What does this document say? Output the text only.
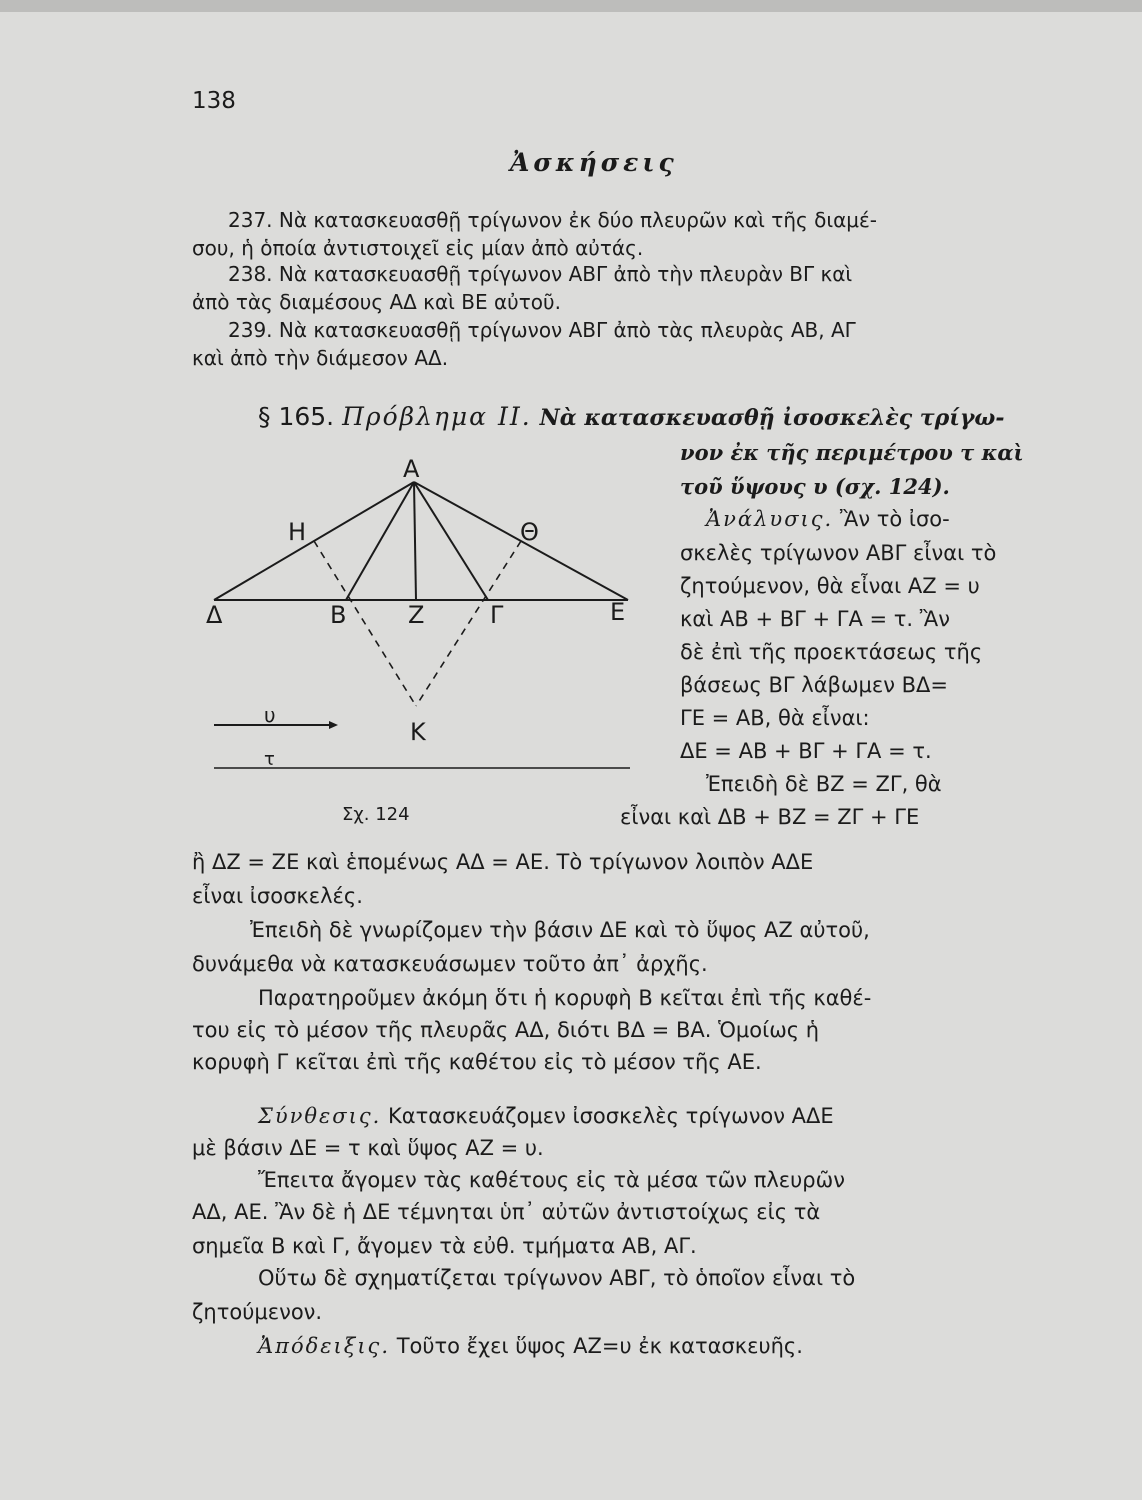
138
Ἀσκήσεις
237. Νὰ κατασκευασθῇ τρίγωνον ἐκ δύο πλευρῶν καὶ τῆς διαμέ-
σου, ἡ ὁποία ἀντιστοιχεῖ εἰς μίαν ἀπὸ αὐτάς.
238. Νὰ κατασκευασθῇ τρίγωνον ΑΒΓ ἀπὸ τὴν πλευρὰν ΒΓ καὶ
ἀπὸ τὰς διαμέσους ΑΔ καὶ ΒΕ αὐτοῦ.
239. Νὰ κατασκευασθῇ τρίγωνον ΑΒΓ ἀπὸ τὰς πλευρὰς ΑΒ, ΑΓ
καὶ ἀπὸ τὴν διάμεσον ΑΔ.
§ 165. Πρόβλημα ΙΙ. Νὰ κατασκευασθῇ ἰσοσκελὲς τρίγω-
νον ἐκ τῆς περιμέτρου τ καὶ
τοῦ ὕψους υ (σχ. 124).
Ἀνάλυσις. Ἂν τὸ ἰσο-
σκελὲς τρίγωνον ΑΒΓ εἶναι τὸ
ζητούμενον, θὰ εἶναι ΑΖ = υ
καὶ ΑΒ + ΒΓ + ΓΑ = τ. Ἂν
δὲ ἐπὶ τῆς προεκτάσεως τῆς
βάσεως ΒΓ λάβωμεν ΒΔ=
ΓΕ = ΑΒ, θὰ εἶναι:
ΔΕ = ΑΒ + ΒΓ + ΓΑ = τ.
Ἐπειδὴ δὲ ΒΖ = ΖΓ, θὰ
εἶναι καὶ ΔΒ + ΒΖ = ΖΓ + ΓΕ
Α
Η	Θ
Δ	Β	Ζ	Γ	Ε
Κ
υ
τ
Σχ. 124
ἢ ΔΖ = ΖΕ καὶ ἑπομένως ΑΔ = ΑΕ. Τὸ τρίγωνον λοιπὸν ΑΔΕ
εἶναι ἰσοσκελές.
Ἐπειδὴ δὲ γνωρίζομεν τὴν βάσιν ΔΕ καὶ τὸ ὕψος ΑΖ αὐτοῦ,
δυνάμεθα νὰ κατασκευάσωμεν τοῦτο ἀπ᾽ ἀρχῆς.
Παρατηροῦμεν ἀκόμη ὅτι ἡ κορυφὴ Β κεῖται ἐπὶ τῆς καθέ-
του εἰς τὸ μέσον τῆς πλευρᾶς ΑΔ, διότι ΒΔ = ΒΑ. Ὁμοίως ἡ
κορυφὴ Γ κεῖται ἐπὶ τῆς καθέτου εἰς τὸ μέσον τῆς ΑΕ.
Σύνθεσις. Κατασκευάζομεν ἰσοσκελὲς τρίγωνον ΑΔΕ
μὲ βάσιν ΔΕ = τ καὶ ὕψος ΑΖ = υ.
Ἔπειτα ἄγομεν τὰς καθέτους εἰς τὰ μέσα τῶν πλευρῶν
ΑΔ, ΑΕ. Ἂν δὲ ἡ ΔΕ τέμνηται ὑπ᾽ αὐτῶν ἀντιστοίχως εἰς τὰ
σημεῖα Β καὶ Γ, ἄγομεν τὰ εὐθ. τμήματα ΑΒ, ΑΓ.
Οὕτω δὲ σχηματίζεται τρίγωνον ΑΒΓ, τὸ ὁποῖον εἶναι τὸ
ζητούμενον.
Ἀπόδειξις. Τοῦτο ἔχει ὕψος ΑΖ=υ ἐκ κατασκευῆς.
